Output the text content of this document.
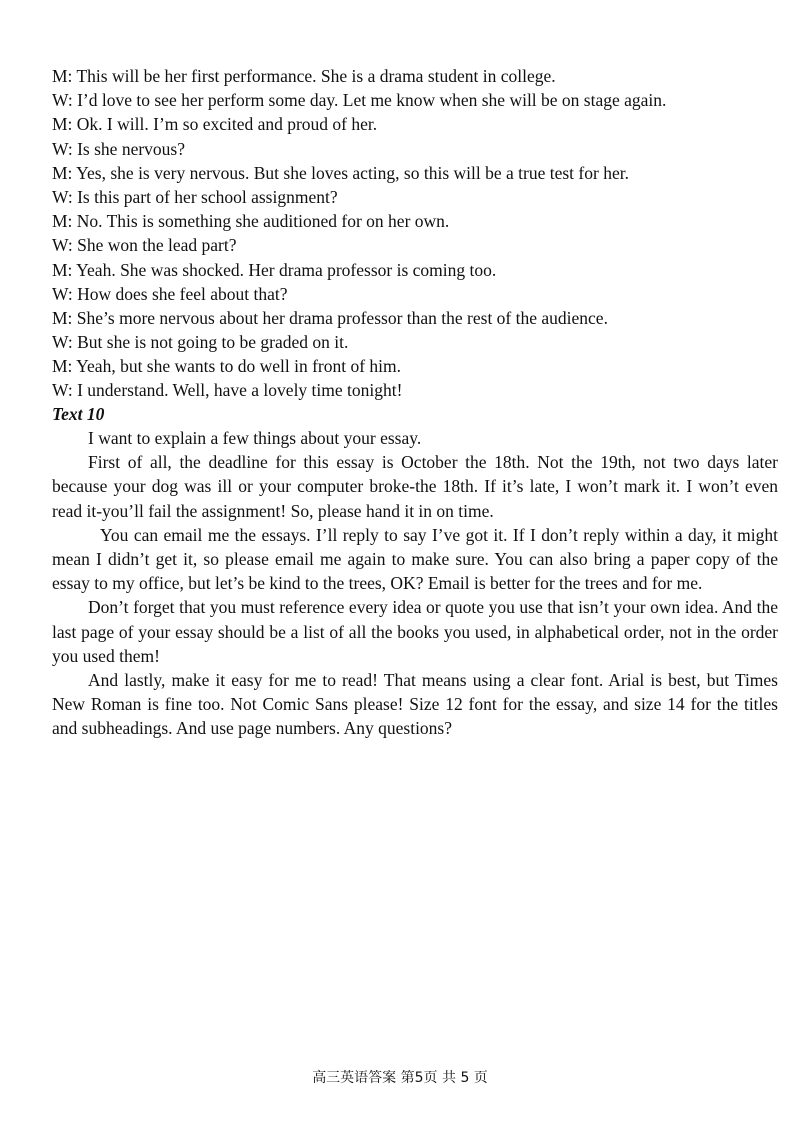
M: This will be her first performance. She is a drama student in college.
W: I’d love to see her perform some day. Let me know when she will be on stage again.
M: Ok. I will. I’m so excited and proud of her.
W: Is she nervous?
M: Yes, she is very nervous. But she loves acting, so this will be a true test for her.
W: Is this part of her school assignment?
M: No. This is something she auditioned for on her own.
W: She won the lead part?
M: Yeah. She was shocked. Her drama professor is coming too.
W: How does she feel about that?
M: She’s more nervous about her drama professor than the rest of the audience.
W: But she is not going to be graded on it.
M: Yeah, but she wants to do well in front of him.
W: I understand. Well, have a lovely time tonight!
Text 10

I want to explain a few things about your essay.

First of all, the deadline for this essay is October the 18th. Not the 19th, not two days later because your dog was ill or your computer broke-the 18th. If it’s late, I won’t mark it. I won’t even read it-you’ll fail the assignment! So, please hand it in on time.

You can email me the essays. I’ll reply to say I’ve got it. If I don’t reply within a day, it might mean I didn’t get it, so please email me again to make sure. You can also bring a paper copy of the essay to my office, but let’s be kind to the trees, OK? Email is better for the trees and for me.

Don’t forget that you must reference every idea or quote you use that isn’t your own idea. And the last page of your essay should be a list of all the books you used, in alphabetical order, not in the order you used them!

And lastly, make it easy for me to read! That means using a clear font. Arial is best, but Times New Roman is fine too. Not Comic Sans please! Size 12 font for the essay, and size 14 for the titles and subheadings. And use page numbers. Any questions?

高三英语答案 第5页 共 5 页
